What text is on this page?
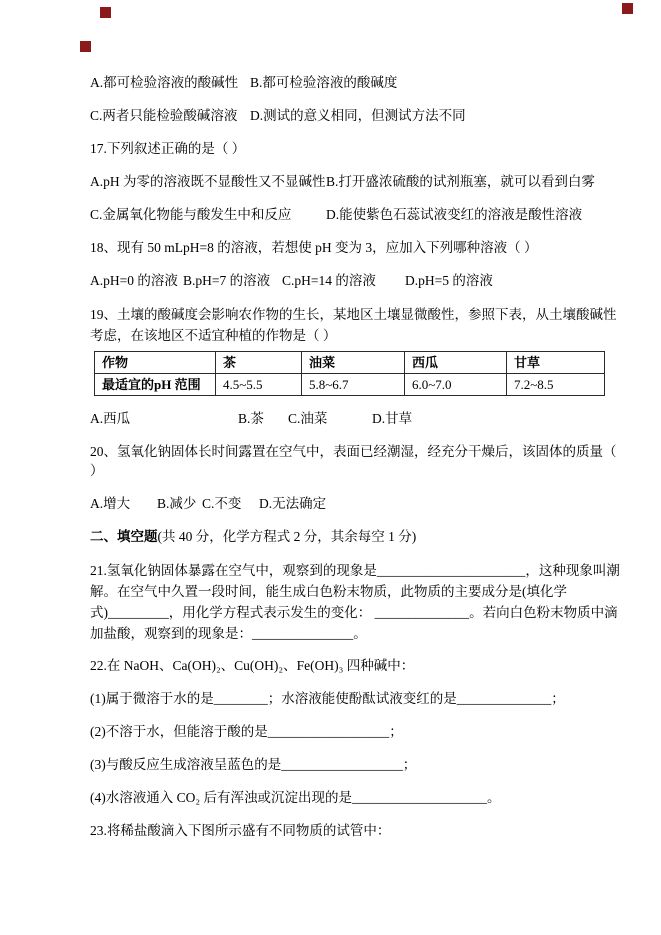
A.都可检验溶液的酸碱性 B.都可检验溶液的酸碱度
C.两者只能检验酸碱溶液 D.测试的意义相同，但测试方法不同

17.下列叙述正确的是（ ）

A.pH 为零的溶液既不显酸性又不显碱性 B.打开盛浓硫酸的试剂瓶塞，就可以看到白雾
C.金属氧化物能与酸发生中和反应	D.能使紫色石蕊试液变红的溶液是酸性溶液

18、现有 50 mLpH=8 的溶液，若想使 pH 变为 3，应加入下列哪种溶液（ ）

A.pH=0 的溶液 B.pH=7 的溶液 C.pH=14 的溶液	D.pH=5 的溶液

19、土壤的酸碱度会影响农作物的生长，某地区土壤显微酸性，参照下表，从土壤酸碱性考虑，在该地区不适宜种植的作物是（ ）

作物	茶	油菜	西瓜	甘草
最适宜的pH 范围	4.5~5.5	5.8~6.7	6.0~7.0	7.2~8.5
A.西瓜	B.茶	C.油菜	D.甘草

20、氢氧化钠固体长时间露置在空气中，表面已经潮湿，经充分干燥后，该固体的质量（ ）

A.增大	B.减少 C.不变	D.无法确定

二、填空题(共 40 分，化学方程式 2 分，其余每空 1 分)

21.氢氧化钠固体暴露在空气中，观察到的现象是______________________，这种现象叫潮解。在空气中久置一段时间，能生成白色粉末物质，此物质的主要成分是(填化学式)_________，用化学方程式表示发生的变化： ______________。若向白色粉末物质中滴加盐酸，观察到的现象是：_______________。

22.在 NaOH、Ca(OH)₂、Cu(OH)₂、Fe(OH)₃ 四种碱中：

(1)属于微溶于水的是________；水溶液能使酚酞试液变红的是______________；

(2)不溶于水，但能溶于酸的是__________________；

(3)与酸反应生成溶液呈蓝色的是__________________；

(4)水溶液通入 CO₂ 后有浑浊或沉淀出现的是____________________。

23.将稀盐酸滴入下图所示盛有不同物质的试管中：
